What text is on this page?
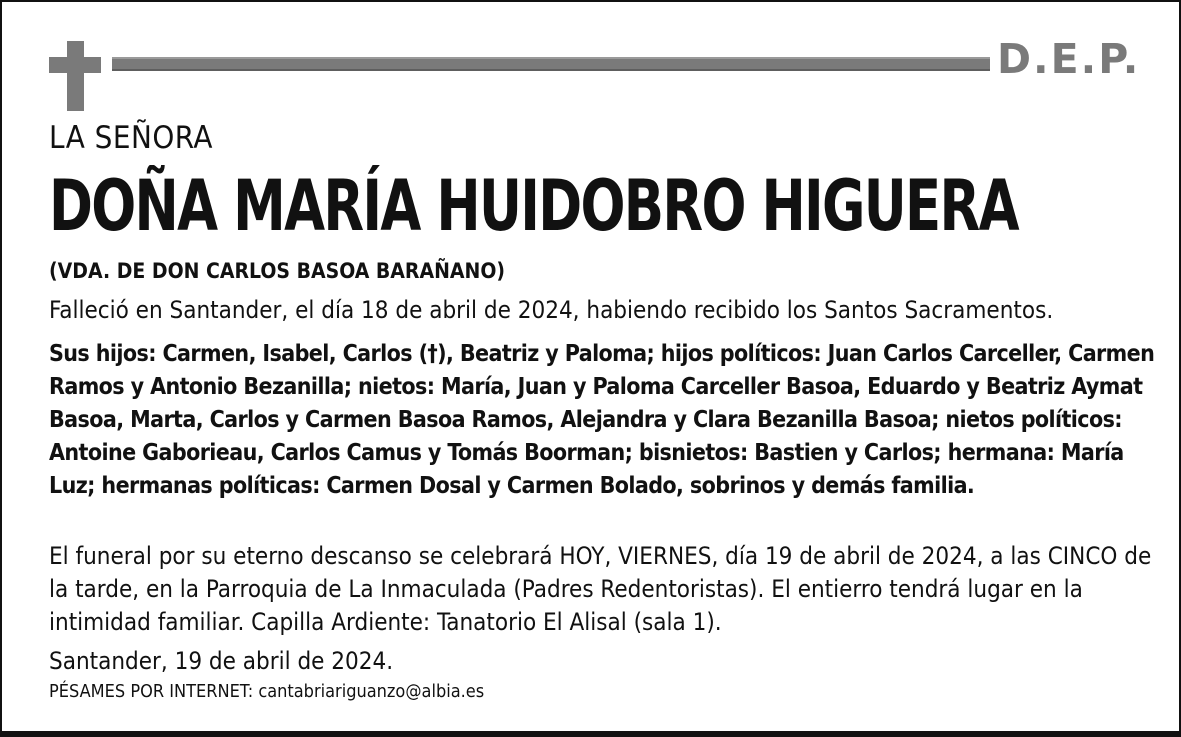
D.E.P.
LA SEÑORA
DOÑA MARÍA HUIDOBRO HIGUERA
(VDA. DE DON CARLOS BASOA BARAÑANO)
Falleció en Santander, el día 18 de abril de 2024, habiendo recibido los Santos Sacramentos.
Sus hijos: Carmen, Isabel, Carlos (†), Beatriz y Paloma; hijos políticos: Juan Carlos Carceller, Carmen Ramos y Antonio Bezanilla; nietos: María, Juan y Paloma Carceller Basoa, Eduardo y Beatriz Aymat Basoa, Marta, Carlos y Carmen Basoa Ramos, Alejandra y Clara Bezanilla Basoa; nietos políticos: Antoine Gaborieau, Carlos Camus y Tomás Boorman; bisnietos: Bastien y Carlos; hermana: María Luz; hermanas políticas: Carmen Dosal y Carmen Bolado, sobrinos y demás familia.
El funeral por su eterno descanso se celebrará HOY, VIERNES, día 19 de abril de 2024, a las CINCO de la tarde, en la Parroquia de La Inmaculada (Padres Redentoristas). El entierro tendrá lugar en la intimidad familiar. Capilla Ardiente: Tanatorio El Alisal (sala 1).
Santander, 19 de abril de 2024.
PÉSAMES POR INTERNET: cantabriariguanzo@albia.es
